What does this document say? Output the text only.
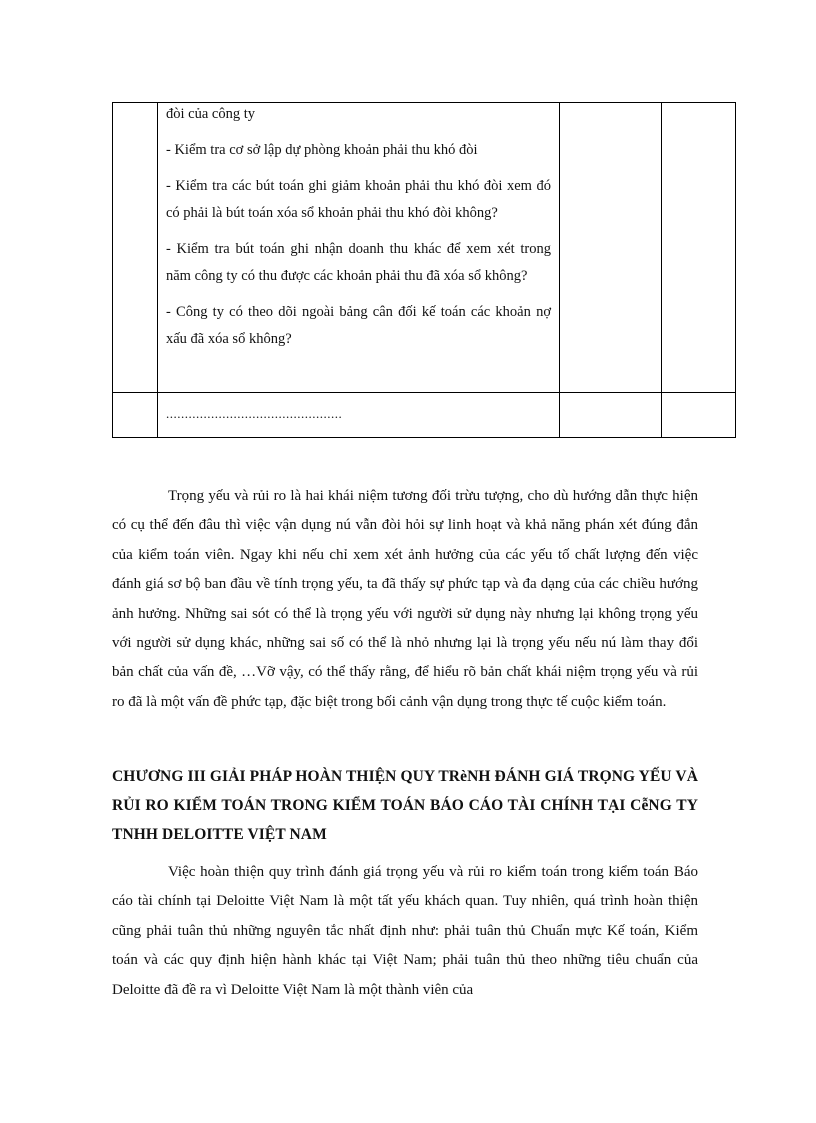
	đòi của công ty

- Kiểm tra cơ sở lập dự phòng khoản phải thu khó đòi

- Kiểm tra các bút toán ghi giảm khoản phải thu khó đòi xem đó có phải là bút toán xóa sổ khoản phải thu khó đòi không?

- Kiểm tra bút toán ghi nhận doanh thu khác để xem xét trong năm công ty có thu được các khoản phải thu đã xóa sổ không?

- Công ty có theo dõi ngoài bảng cân đối kế toán các khoản nợ xấu đã xóa sổ không?		

	...............................................		

Trọng yếu và rủi ro là hai khái niệm tương đối trừu tượng, cho dù hướng dẫn thực hiện có cụ thể đến đâu thì việc vận dụng nú vẫn đòi hỏi sự linh hoạt và khả năng phán xét đúng đắn của kiểm toán viên. Ngay khi nếu chỉ xem xét ảnh hưởng của các yếu tố chất lượng đến việc đánh giá sơ bộ ban đầu về tính trọng yếu, ta đã thấy sự phức tạp và đa dạng của các chiều hướng ảnh hưởng. Những sai sót có thể là trọng yếu với người sử dụng này nhưng lại không trọng yếu với người sử dụng khác, những sai số có thể là nhỏ nhưng lại là trọng yếu nếu nú làm thay đổi bản chất của vấn đề, …Vỡ vậy, có thể thấy rằng, để hiểu rõ bản chất khái niệm trọng yếu và rủi ro đã là một vấn đề phức tạp, đặc biệt trong bối cảnh vận dụng trong thực tế cuộc kiểm toán.

CHƯƠNG III GIẢI PHÁP HOÀN THIỆN QUY TRèNH ĐÁNH GIÁ TRỌNG YẾU VÀ RỦI RO KIỂM TOÁN TRONG KIỂM TOÁN BÁO CÁO TÀI CHÍNH TẠI CễNG TY TNHH DELOITTE VIỆT NAM

Việc hoàn thiện quy trình đánh giá trọng yếu và rủi ro kiểm toán trong kiểm toán Báo cáo tài chính tại Deloitte Việt Nam là một tất yếu khách quan. Tuy nhiên, quá trình hoàn thiện cũng phải tuân thủ những nguyên tắc nhất định như: phải tuân thủ Chuẩn mực Kế toán, Kiểm toán và các quy định hiện hành khác tại Việt Nam; phải tuân thủ theo những tiêu chuẩn của Deloitte đã đề ra vì Deloitte Việt Nam là một thành viên của
